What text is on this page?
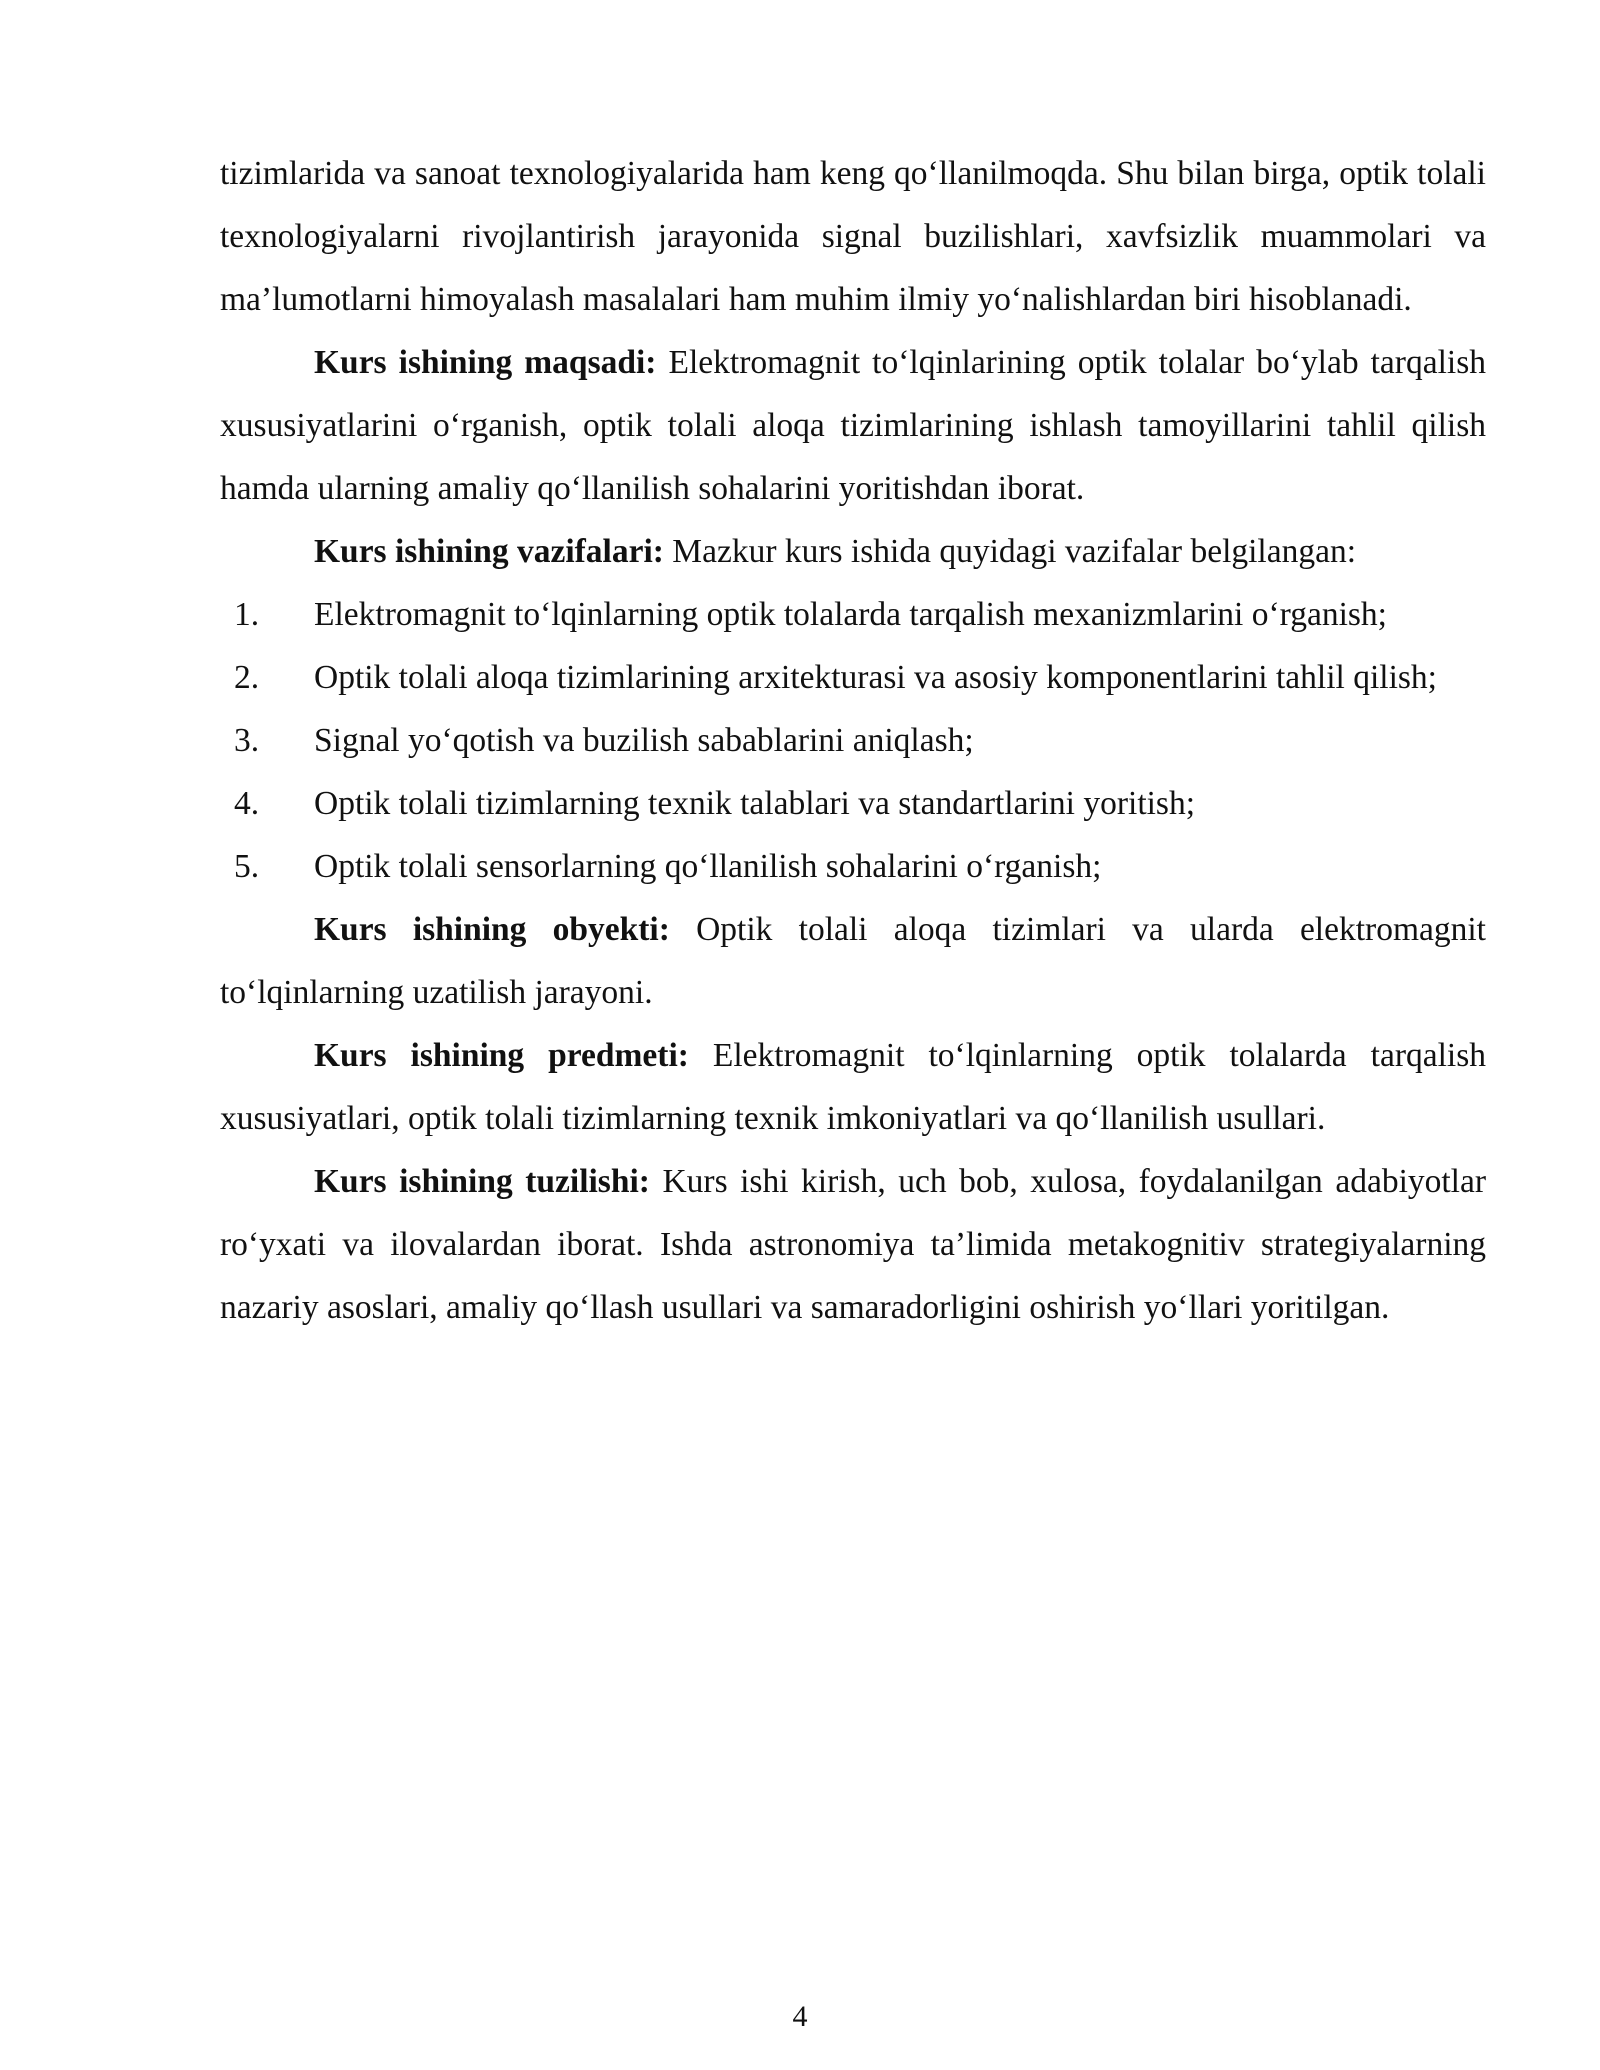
tizimlarida va sanoat texnologiyalarida ham keng qo‘llanilmoqda. Shu bilan birga, optik tolali texnologiyalarni rivojlantirish jarayonida signal buzilishlari, xavfsizlik muammolari va ma’lumotlarni himoyalash masalalari ham muhim ilmiy yo‘nalishlardan biri hisoblanadi.

Kurs ishining maqsadi: Elektromagnit to‘lqinlarining optik tolalar bo‘ylab tarqalish xususiyatlarini o‘rganish, optik tolali aloqa tizimlarining ishlash tamoyillarini tahlil qilish hamda ularning amaliy qo‘llanilish sohalarini yoritishdan iborat.

Kurs ishining vazifalari: Mazkur kurs ishida quyidagi vazifalar belgilangan:

1.	Elektromagnit to‘lqinlarning optik tolalarda tarqalish mexanizmlarini o‘rganish;
2.	Optik tolali aloqa tizimlarining arxitekturasi va asosiy komponentlarini tahlil qilish;
3.	Signal yo‘qotish va buzilish sabablarini aniqlash;
4.	Optik tolali tizimlarning texnik talablari va standartlarini yoritish;
5.	Optik tolali sensorlarning qo‘llanilish sohalarini o‘rganish;

Kurs ishining obyekti: Optik tolali aloqa tizimlari va ularda elektromagnit to‘lqinlarning uzatilish jarayoni.

Kurs ishining predmeti: Elektromagnit to‘lqinlarning optik tolalarda tarqalish xususiyatlari, optik tolali tizimlarning texnik imkoniyatlari va qo‘llanilish usullari.

Kurs ishining tuzilishi: Kurs ishi kirish, uch bob, xulosa, foydalanilgan adabiyotlar ro‘yxati va ilovalardan iborat. Ishda astronomiya ta’limida metakognitiv strategiyalarning nazariy asoslari, amaliy qo‘llash usullari va samaradorligini oshirish yo‘llari yoritilgan.

4
